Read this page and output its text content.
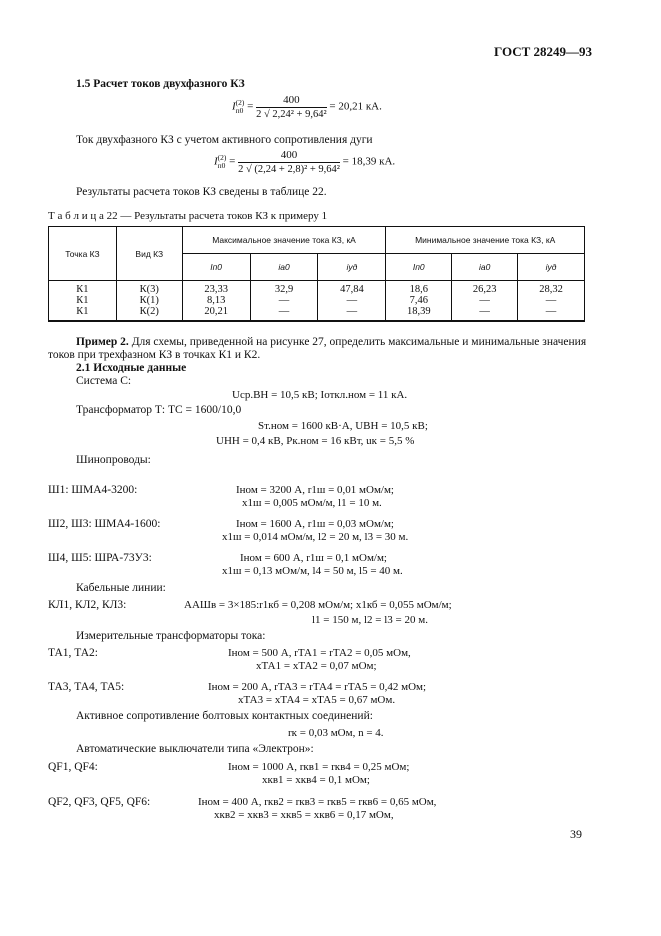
ГОСТ 28249—93
1.5 Расчет токов двухфазного КЗ
I(2)
$п0 = \frac{400}{\text{2 √ 2,24² + 9,64²}} = 20,21$ кА.
Ток двухфазного КЗ с учетом активного сопротивления дуги
I(2)
$п0 = \frac{400}{\text{2 √ (2,24 + 2,8)² + 9,64²}} = 18,39$ кА.
Результаты расчета токов КЗ сведены в таблице 22.
Т а б л и ц а 22 — Результаты расчета токов КЗ к примеру 1
Точка КЗ	Вид КЗ	Максимальное значение тока КЗ, кА			Минимальное значение тока КЗ, кА		
		Iп0	iа0	iуд	Iп0	iа0	iуд
К1	К(3)	23,33	32,9	47,84	18,6	26,23	28,32
К1	К(1)	8,13	—	—	7,46	—	—
К1	К(2)	20,21	—	—	18,39	—	—
Пример 2. Для схемы, приведенной на рисунке 27, определить максимальные и минимальные значения
токов при трехфазном КЗ в точках К1 и К2.
2.1 Исходные данные
Система С:
Uср.ВН = 10,5 кВ; Iоткл.ном = 11 кА.
Трансформатор Т: ТС = 1600/10,0
Sт.ном = 1600 кВ·А, UВН = 10,5 кВ;
UНН = 0,4 кВ, Pк.ном = 16 кВт, uк = 5,5 %
Шинопроводы:
Ш1: ШМА4-3200:	Iном = 3200 А, r1ш = 0,01 мОм/м;
x1ш = 0,005 мОм/м, l1 = 10 м.
Ш2, Ш3: ШМА4-1600:	Iном = 1600 А, r1ш = 0,03 мОм/м;
x1ш = 0,014 мОм/м, l2 = 20 м, l3 = 30 м.
Ш4, Ш5: ШРА-73У3:	Iном = 600 А, r1ш = 0,1 мОм/м;
x1ш = 0,13 мОм/м, l4 = 50 м, l5 = 40 м.
Кабельные линии:
КЛ1, КЛ2, КЛ3:	ААШв = 3×185:r1кб = 0,208 мОм/м; x1кб = 0,055 мОм/м;
l1 = 150 м, l2 = l3 = 20 м.
Измерительные трансформаторы тока:
ТА1, ТА2:	Iном = 500 А, rТА1 = rТА2 = 0,05 мОм,
xТА1 = xТА2 = 0,07 мОм;
ТА3, ТА4, ТА5:	Iном = 200 А, rТА3 = rТА4 = rТА5 = 0,42 мОм;
xТА3 = xТА4 = xТА5 = 0,67 мОм.
Активное сопротивление болтовых контактных соединений:
rк = 0,03 мОм, n = 4.
Автоматические выключатели типа «Электрон»:
QF1, QF4:	Iном = 1000 А, rкв1 = rкв4 = 0,25 мОм;
xкв1 = xкв4 = 0,1 мОм;
QF2, QF3, QF5, QF6:	Iном = 400 А, rкв2 = rкв3 = rкв5 = rкв6 = 0,65 мОм,
xкв2 = xкв3 = xкв5 = xкв6 = 0,17 мОм,
39
